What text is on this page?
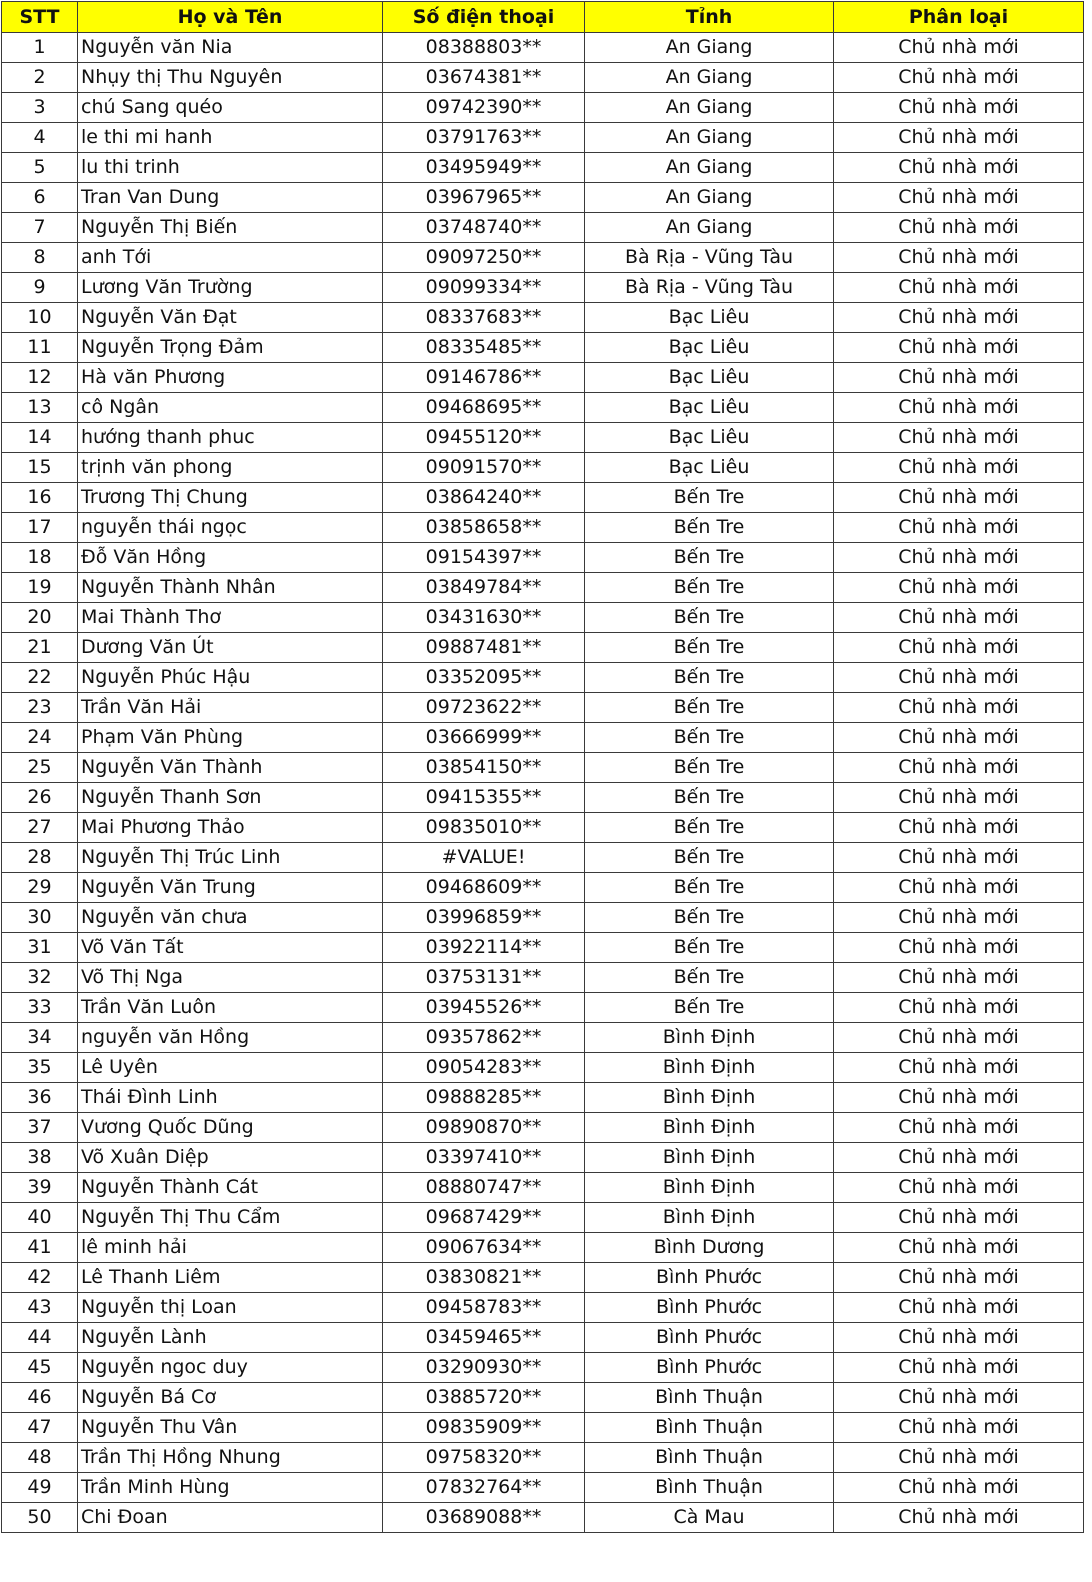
STT	Họ và Tên	Số điện thoại	Tỉnh	Phân loại
1	Nguyễn văn Nia	08388803**	An Giang	Chủ nhà mới
2	Nhụy thị Thu Nguyên	03674381**	An Giang	Chủ nhà mới
3	chú Sang quéo	09742390**	An Giang	Chủ nhà mới
4	le thi mi hanh	03791763**	An Giang	Chủ nhà mới
5	lu thi trinh	03495949**	An Giang	Chủ nhà mới
6	Tran Van Dung	03967965**	An Giang	Chủ nhà mới
7	Nguyễn Thị Biến	03748740**	An Giang	Chủ nhà mới
8	anh Tới	09097250**	Bà Rịa - Vũng Tàu	Chủ nhà mới
9	Lương Văn Trường	09099334**	Bà Rịa - Vũng Tàu	Chủ nhà mới
10	Nguyễn Văn Đạt	08337683**	Bạc Liêu	Chủ nhà mới
11	Nguyễn Trọng Đảm	08335485**	Bạc Liêu	Chủ nhà mới
12	Hà văn Phương	09146786**	Bạc Liêu	Chủ nhà mới
13	cô Ngân	09468695**	Bạc Liêu	Chủ nhà mới
14	hướng thanh phuc	09455120**	Bạc Liêu	Chủ nhà mới
15	trịnh văn phong	09091570**	Bạc Liêu	Chủ nhà mới
16	Trương Thị Chung	03864240**	Bến Tre	Chủ nhà mới
17	nguyễn thái ngọc	03858658**	Bến Tre	Chủ nhà mới
18	Đỗ Văn Hồng	09154397**	Bến Tre	Chủ nhà mới
19	Nguyễn Thành Nhân	03849784**	Bến Tre	Chủ nhà mới
20	Mai Thành Thơ	03431630**	Bến Tre	Chủ nhà mới
21	Dương Văn Út	09887481**	Bến Tre	Chủ nhà mới
22	Nguyễn Phúc Hậu	03352095**	Bến Tre	Chủ nhà mới
23	Trần Văn Hải	09723622**	Bến Tre	Chủ nhà mới
24	Phạm Văn Phùng	03666999**	Bến Tre	Chủ nhà mới
25	Nguyễn Văn Thành	03854150**	Bến Tre	Chủ nhà mới
26	Nguyễn Thanh Sơn	09415355**	Bến Tre	Chủ nhà mới
27	Mai Phương Thảo	09835010**	Bến Tre	Chủ nhà mới
28	Nguyễn Thị Trúc Linh	#VALUE!	Bến Tre	Chủ nhà mới
29	Nguyễn Văn Trung	09468609**	Bến Tre	Chủ nhà mới
30	Nguyễn văn chưa	03996859**	Bến Tre	Chủ nhà mới
31	Võ Văn Tất	03922114**	Bến Tre	Chủ nhà mới
32	Võ Thị Nga	03753131**	Bến Tre	Chủ nhà mới
33	Trần Văn Luôn	03945526**	Bến Tre	Chủ nhà mới
34	nguyễn văn Hồng	09357862**	Bình Định	Chủ nhà mới
35	Lê Uyên	09054283**	Bình Định	Chủ nhà mới
36	Thái Đình Linh	09888285**	Bình Định	Chủ nhà mới
37	Vương Quốc Dũng	09890870**	Bình Định	Chủ nhà mới
38	Võ Xuân Diệp	03397410**	Bình Định	Chủ nhà mới
39	Nguyễn Thành Cát	08880747**	Bình Định	Chủ nhà mới
40	Nguyễn Thị Thu Cẩm	09687429**	Bình Định	Chủ nhà mới
41	lê minh hải	09067634**	Bình Dương	Chủ nhà mới
42	Lê Thanh Liêm	03830821**	Bình Phước	Chủ nhà mới
43	Nguyễn thị Loan	09458783**	Bình Phước	Chủ nhà mới
44	Nguyễn Lành	03459465**	Bình Phước	Chủ nhà mới
45	Nguyễn ngoc duy	03290930**	Bình Phước	Chủ nhà mới
46	Nguyễn Bá Cơ	03885720**	Bình Thuận	Chủ nhà mới
47	Nguyễn Thu Vân	09835909**	Bình Thuận	Chủ nhà mới
48	Trần Thị Hồng Nhung	09758320**	Bình Thuận	Chủ nhà mới
49	Trần Minh Hùng	07832764**	Bình Thuận	Chủ nhà mới
50	Chi Đoan	03689088**	Cà Mau	Chủ nhà mới
